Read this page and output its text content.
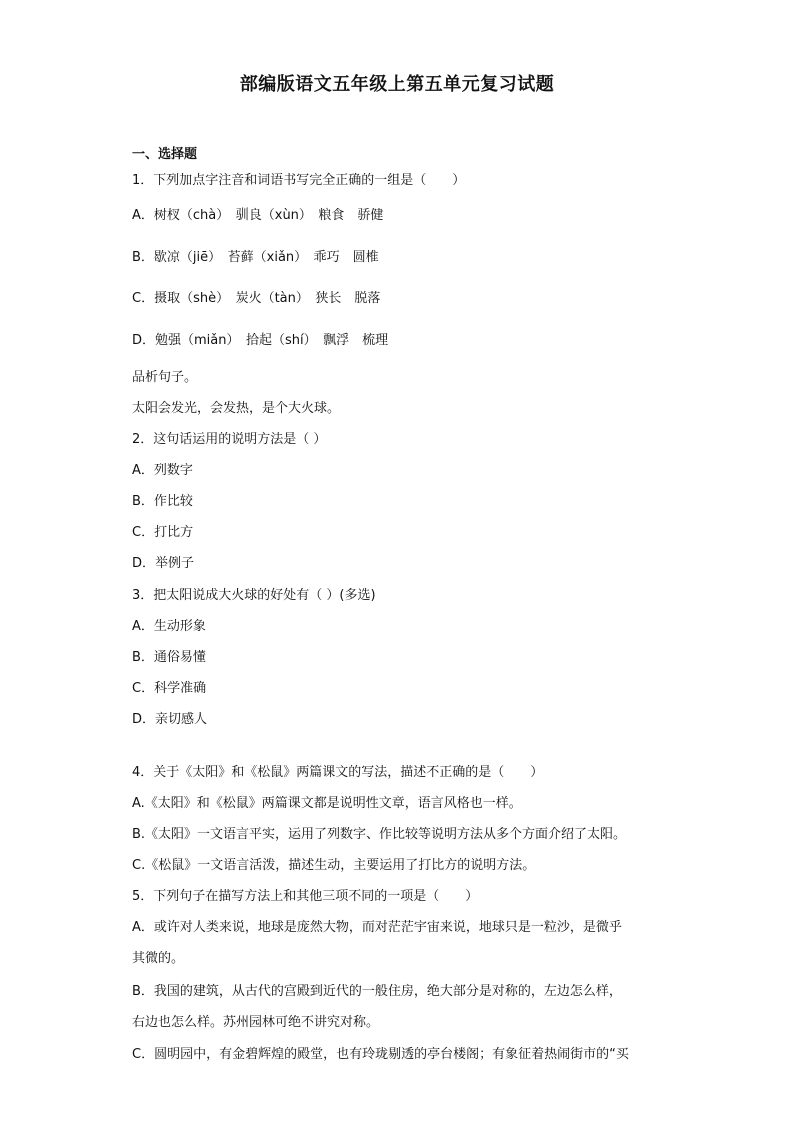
部编版语文五年级上第五单元复习试题
一、选择题
1．下列加点字注音和词语书写完全正确的一组是（　　）
A．树杈（chà）　驯良（xùn）　粮食　骄健
B．歇凉（jiē）　苔藓（xiǎn）　乖巧　圆椎
C．摄取（shè）　炭火（tàn）　狭长　脱落
D．勉强（miǎn）　拾起（shí）　飘浮　梳理
品析句子。
太阳会发光，会发热，是个大火球。
2．这句话运用的说明方法是（ ）
A．列数字
B．作比较
C．打比方
D．举例子
3．把太阳说成大火球的好处有（ ）(多选)
A．生动形象
B．通俗易懂
C．科学准确
D．亲切感人
4．关于《太阳》和《松鼠》两篇课文的写法，描述不正确的是（　　）
A.《太阳》和《松鼠》两篇课文都是说明性文章，语言风格也一样。
B.《太阳》一文语言平实，运用了列数字、作比较等说明方法从多个方面介绍了太阳。
C.《松鼠》一文语言活泼，描述生动，主要运用了打比方的说明方法。
5．下列句子在描写方法上和其他三项不同的一项是（　　）
A．或许对人类来说，地球是庞然大物，而对茫茫宇宙来说，地球只是一粒沙，是微乎
其微的。
B．我国的建筑，从古代的宫殿到近代的一般住房，绝大部分是对称的，左边怎么样，
右边也怎么样。苏州园林可绝不讲究对称。
C．圆明园中，有金碧辉煌的殿堂，也有玲珑剔透的亭台楼阁；有象征着热闹街市的“买
